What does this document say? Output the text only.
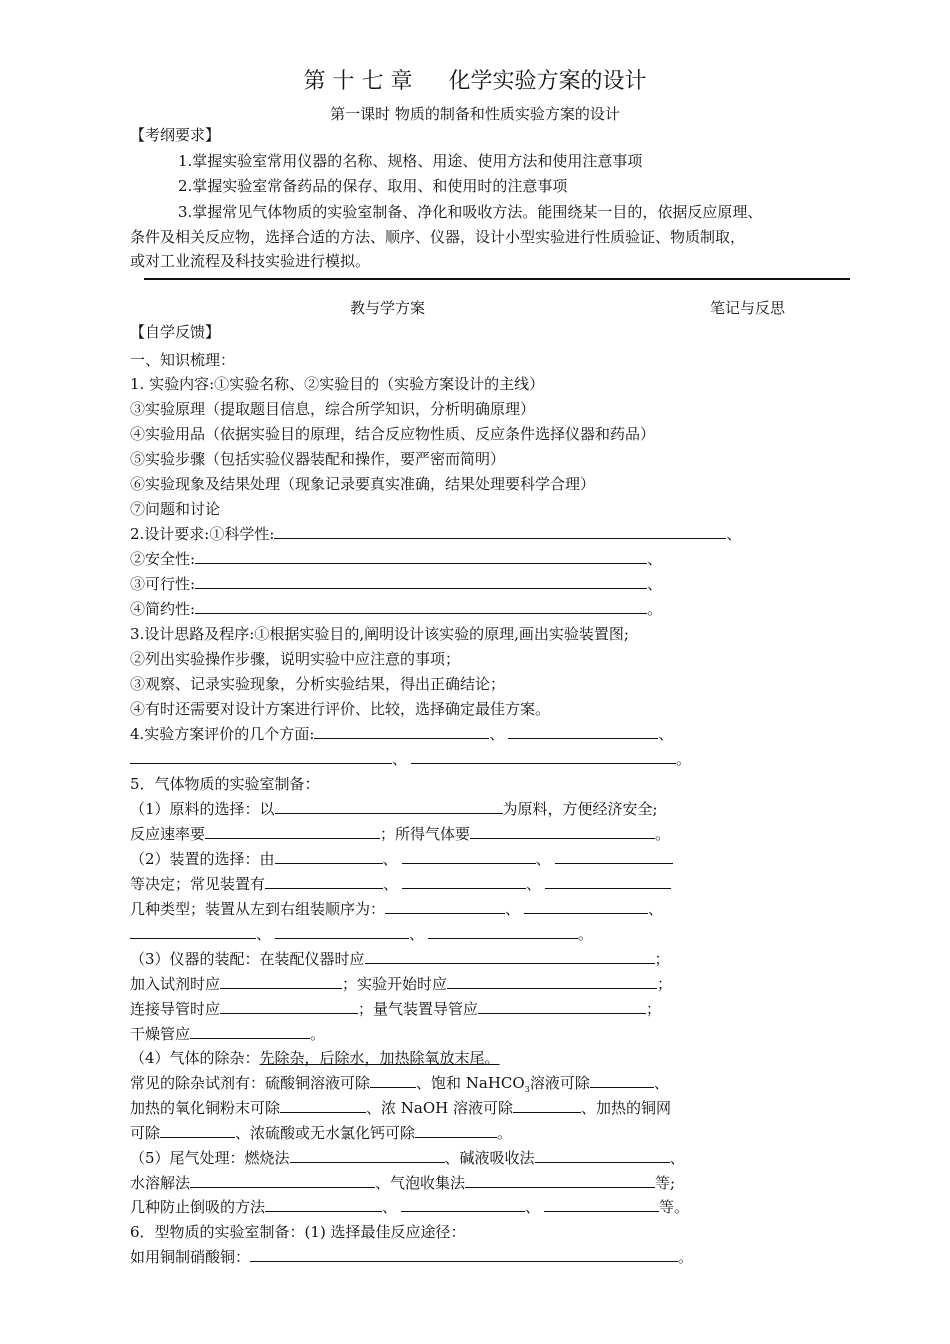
第 十 七 章 化学实验方案的设计
第一课时 物质的制备和性质实验方案的设计
【考纲要求】
1.掌握实验室常用仪器的名称、规格、用途、使用方法和使用注意事项
2.掌握实验室常备药品的保存、取用、和使用时的注意事项
3.掌握常见气体物质的实验室制备、净化和吸收方法。能围绕某一目的，依据反应原理、
条件及相关反应物，选择合适的方法、顺序、仪器，设计小型实验进行性质验证、物质制取，
或对工业流程及科技实验进行模拟。
教与学方案	笔记与反思
【自学反馈】
一、知识梳理：
1. 实验内容:①实验名称、②实验目的（实验方案设计的主线）
③实验原理（提取题目信息，综合所学知识，分析明确原理）
④实验用品（依据实验目的原理，结合反应物性质、反应条件选择仪器和药品）
⑤实验步骤（包括实验仪器装配和操作，要严密而简明）
⑥实验现象及结果处理（现象记录要真实准确，结果处理要科学合理）
⑦问题和讨论
2.设计要求:①科学性:	、
②安全性:	、
③可行性:	、
④简约性:	。
3.设计思路及程序:①根据实验目的,阐明设计该实验的原理,画出实验装置图;
②列出实验操作步骤，说明实验中应注意的事项；
③观察、记录实验现象，分析实验结果，得出正确结论；
④有时还需要对设计方案进行评价、比较，选择确定最佳方案。
4.实验方案评价的几个方面:	、	、
、	。
5．气体物质的实验室制备：
（1）原料的选择：以	为原料，方便经济安全;
反应速率要	；所得气体要	。
（2）装置的选择：由	、	、
等决定；常见装置有	、	、
几种类型；装置从左到右组装顺序为：	、	、
、	、	。
（3）仪器的装配：在装配仪器时应	；
加入试剂时应	；实验开始时应	；
连接导管时应	；量气装置导管应	；
干燥管应	。
（4）气体的除杂：先除杂，后除水，加热除氧放末尾。
常见的除杂试剂有：硫酸铜溶液可除	、饱和 NaHCO$_3$溶液可除	、
加热的氧化铜粉末可除	、浓 NaOH 溶液可除	、加热的铜网
可除	、浓硫酸或无水氯化钙可除	。
（5）尾气处理：燃烧法	、碱液吸收法	、
水溶解法	、气泡收集法	等;
几种防止倒吸的方法	、	、	等。
6．型物质的实验室制备：(1) 选择最佳反应途径：
如用铜制硝酸铜：	。
